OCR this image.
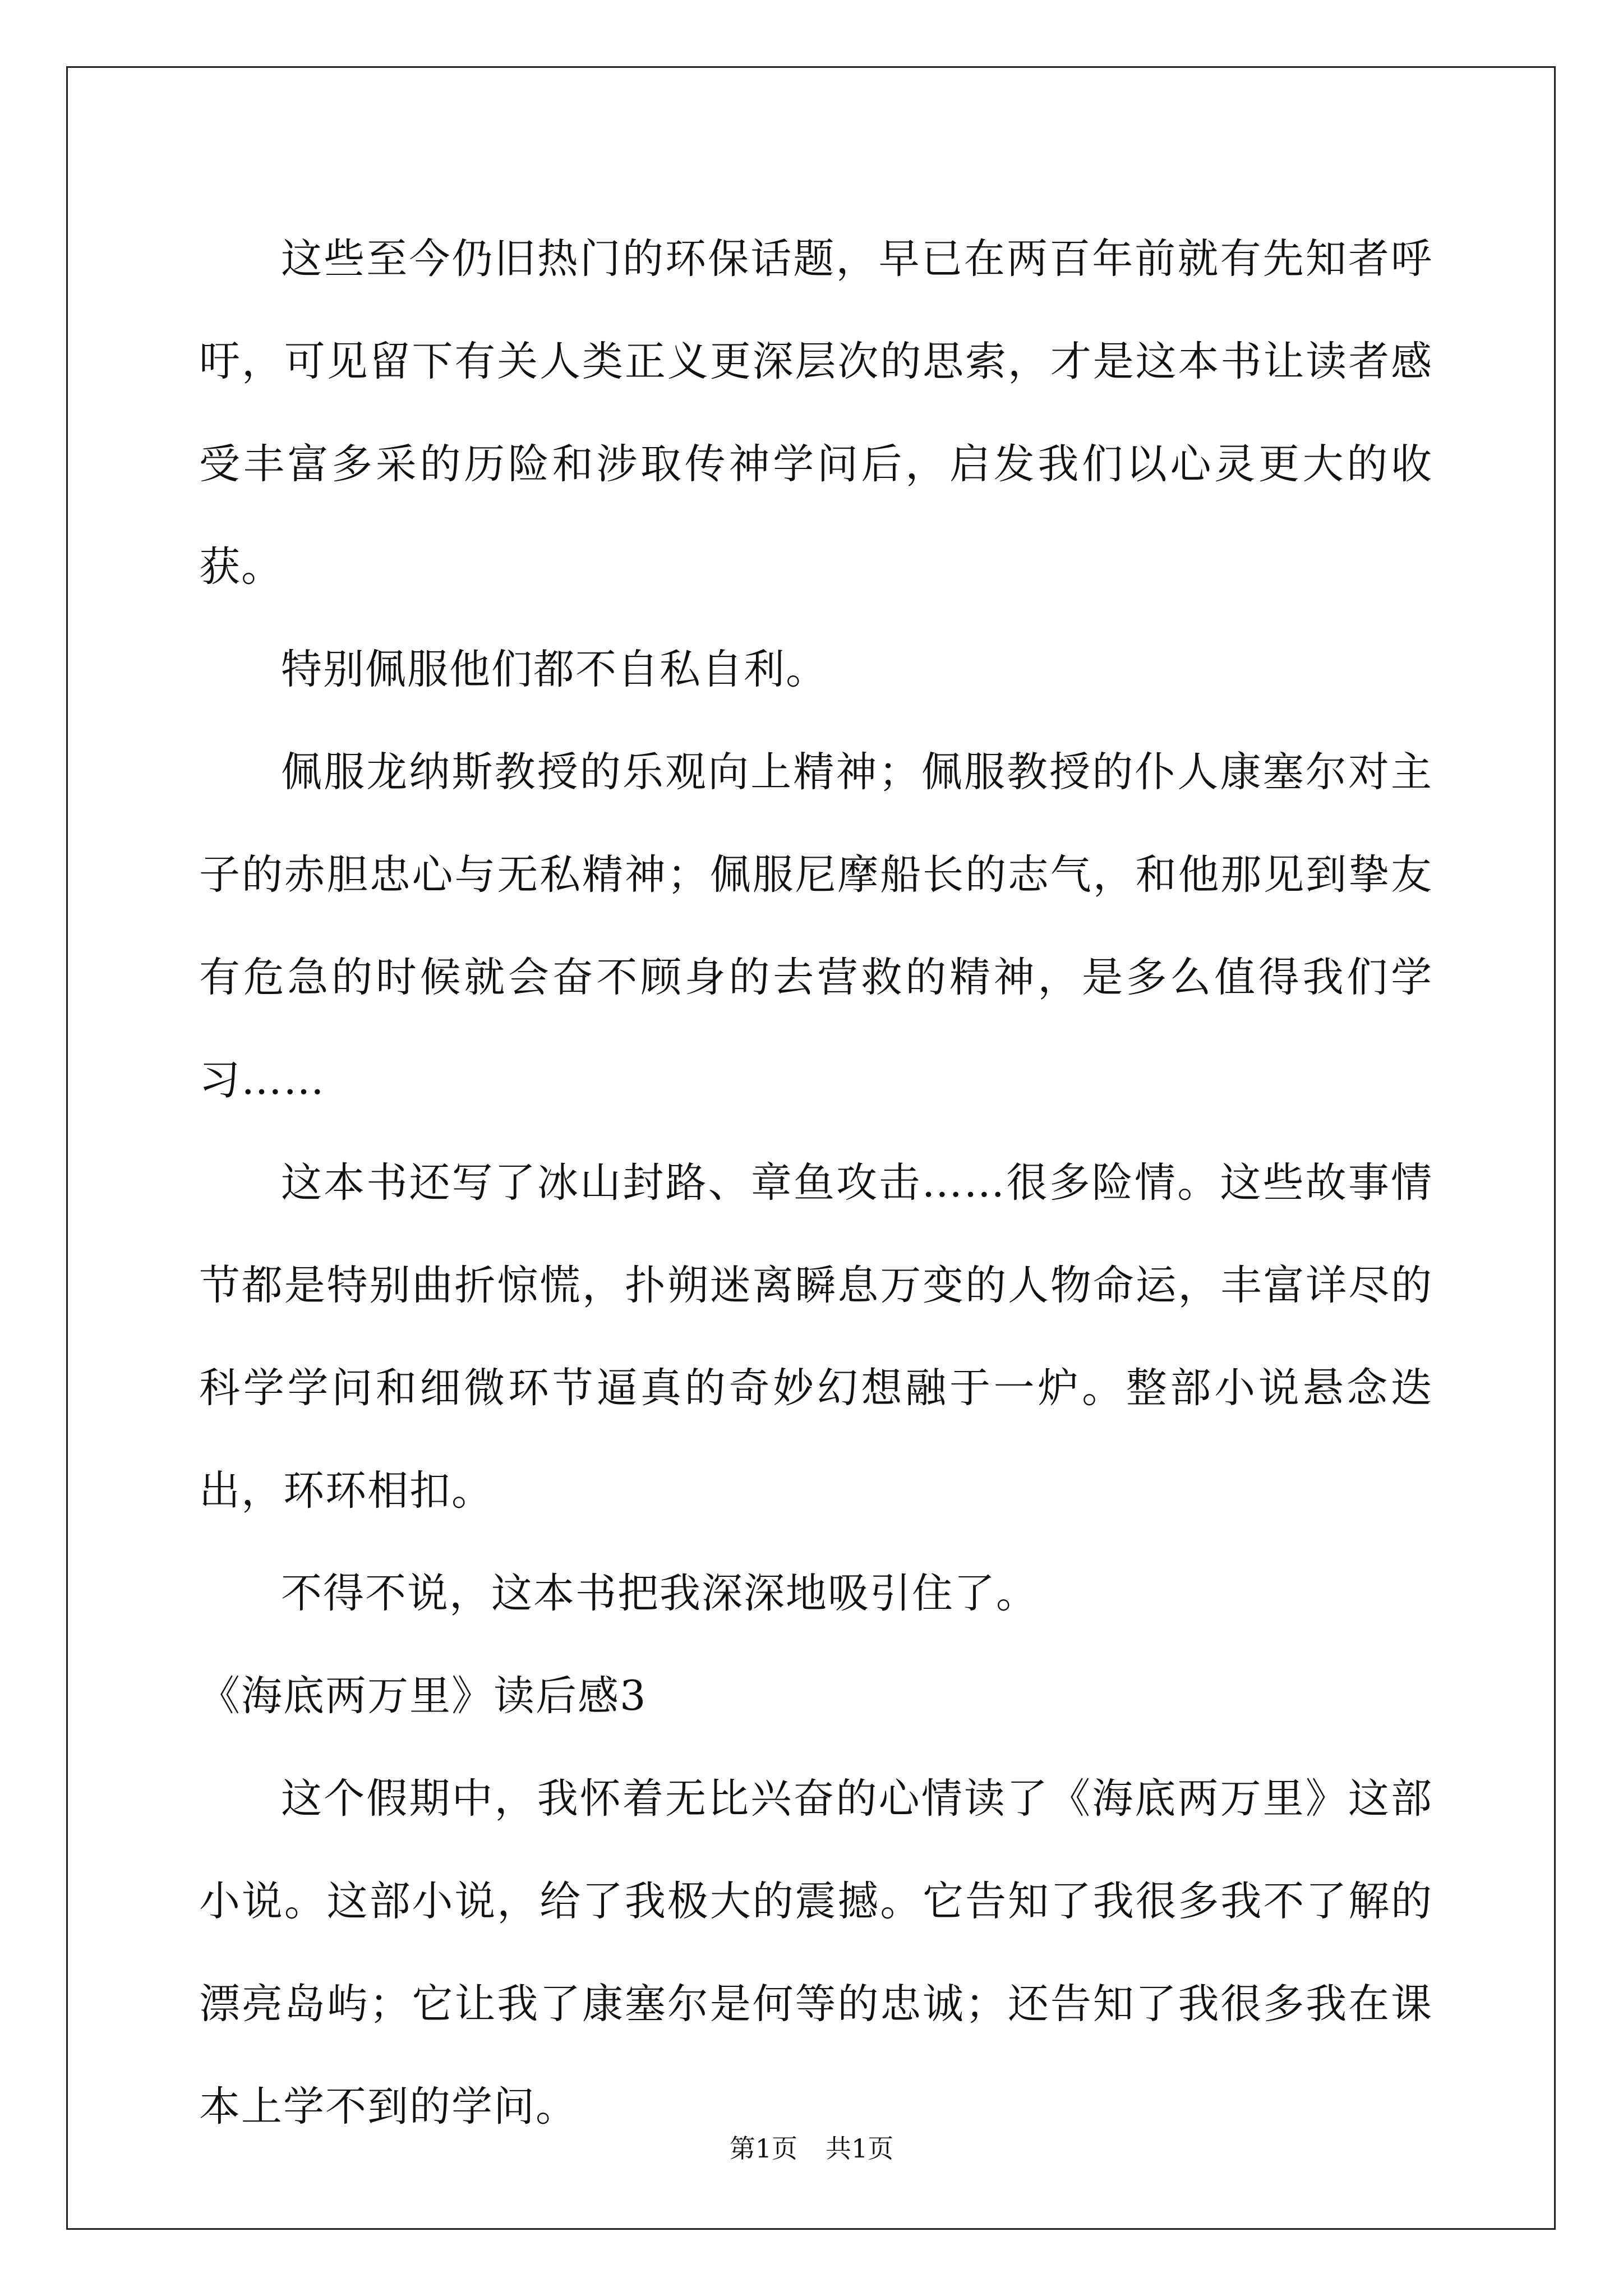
这些至今仍旧热门的环保话题，早已在两百年前就有先知者呼吁，可见留下有关人类正义更深层次的思索，才是这本书让读者感受丰富多采的历险和涉取传神学问后，启发我们以心灵更大的收获。

特别佩服他们都不自私自利。

佩服龙纳斯教授的乐观向上精神；佩服教授的仆人康塞尔对主子的赤胆忠心与无私精神；佩服尼摩船长的志气，和他那见到挚友有危急的时候就会奋不顾身的去营救的精神，是多么值得我们学习……

这本书还写了冰山封路、章鱼攻击……很多险情。这些故事情节都是特别曲折惊慌，扑朔迷离瞬息万变的人物命运，丰富详尽的科学学问和细微环节逼真的奇妙幻想融于一炉。整部小说悬念迭出，环环相扣。

不得不说，这本书把我深深地吸引住了。

《海底两万里》读后感3

这个假期中，我怀着无比兴奋的心情读了《海底两万里》这部小说。这部小说，给了我极大的震撼。它告知了我很多我不了解的漂亮岛屿；它让我了康塞尔是何等的忠诚；还告知了我很多我在课本上学不到的学问。

第1页 共1页
